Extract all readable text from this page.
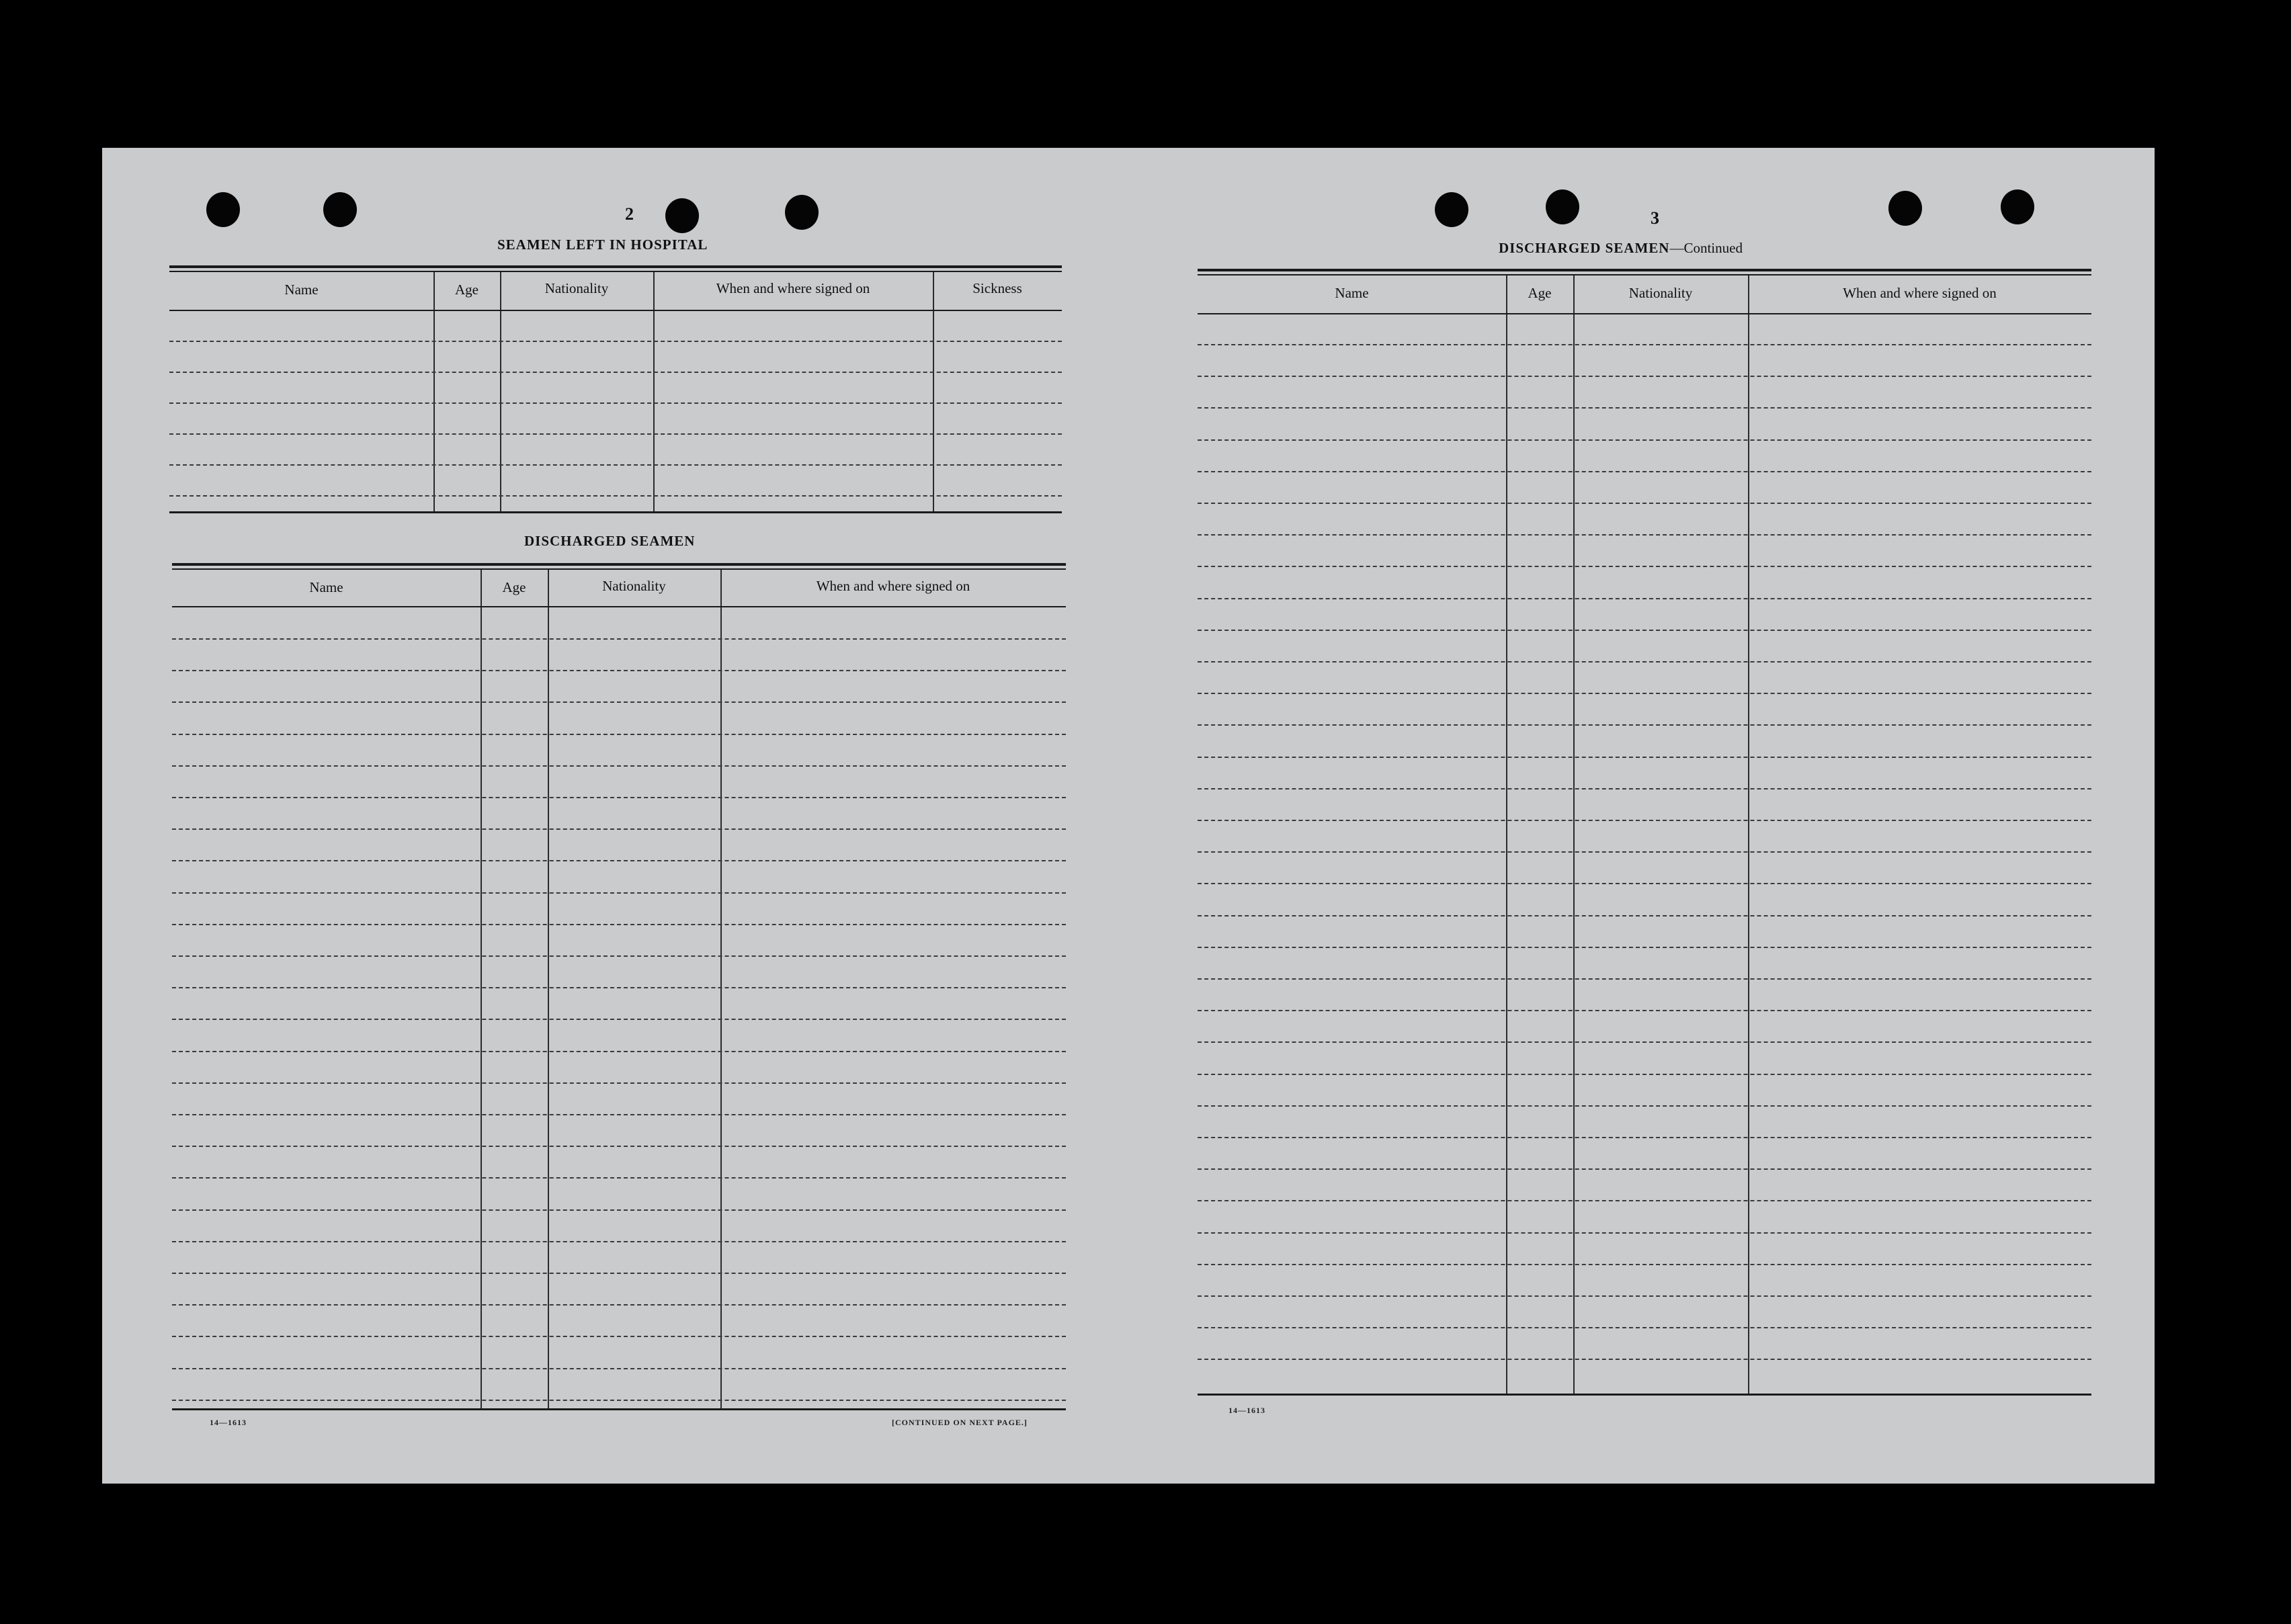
2
SEAMEN LEFT IN HOSPITAL
Name	Age	Nationality	When and where signed on	Sickness
DISCHARGED SEAMEN
Name	Age	Nationality	When and where signed on
14—1613	[CONTINUED ON NEXT PAGE.]
3
DISCHARGED SEAMEN—Continued
Name	Age	Nationality	When and where signed on
14—1613
